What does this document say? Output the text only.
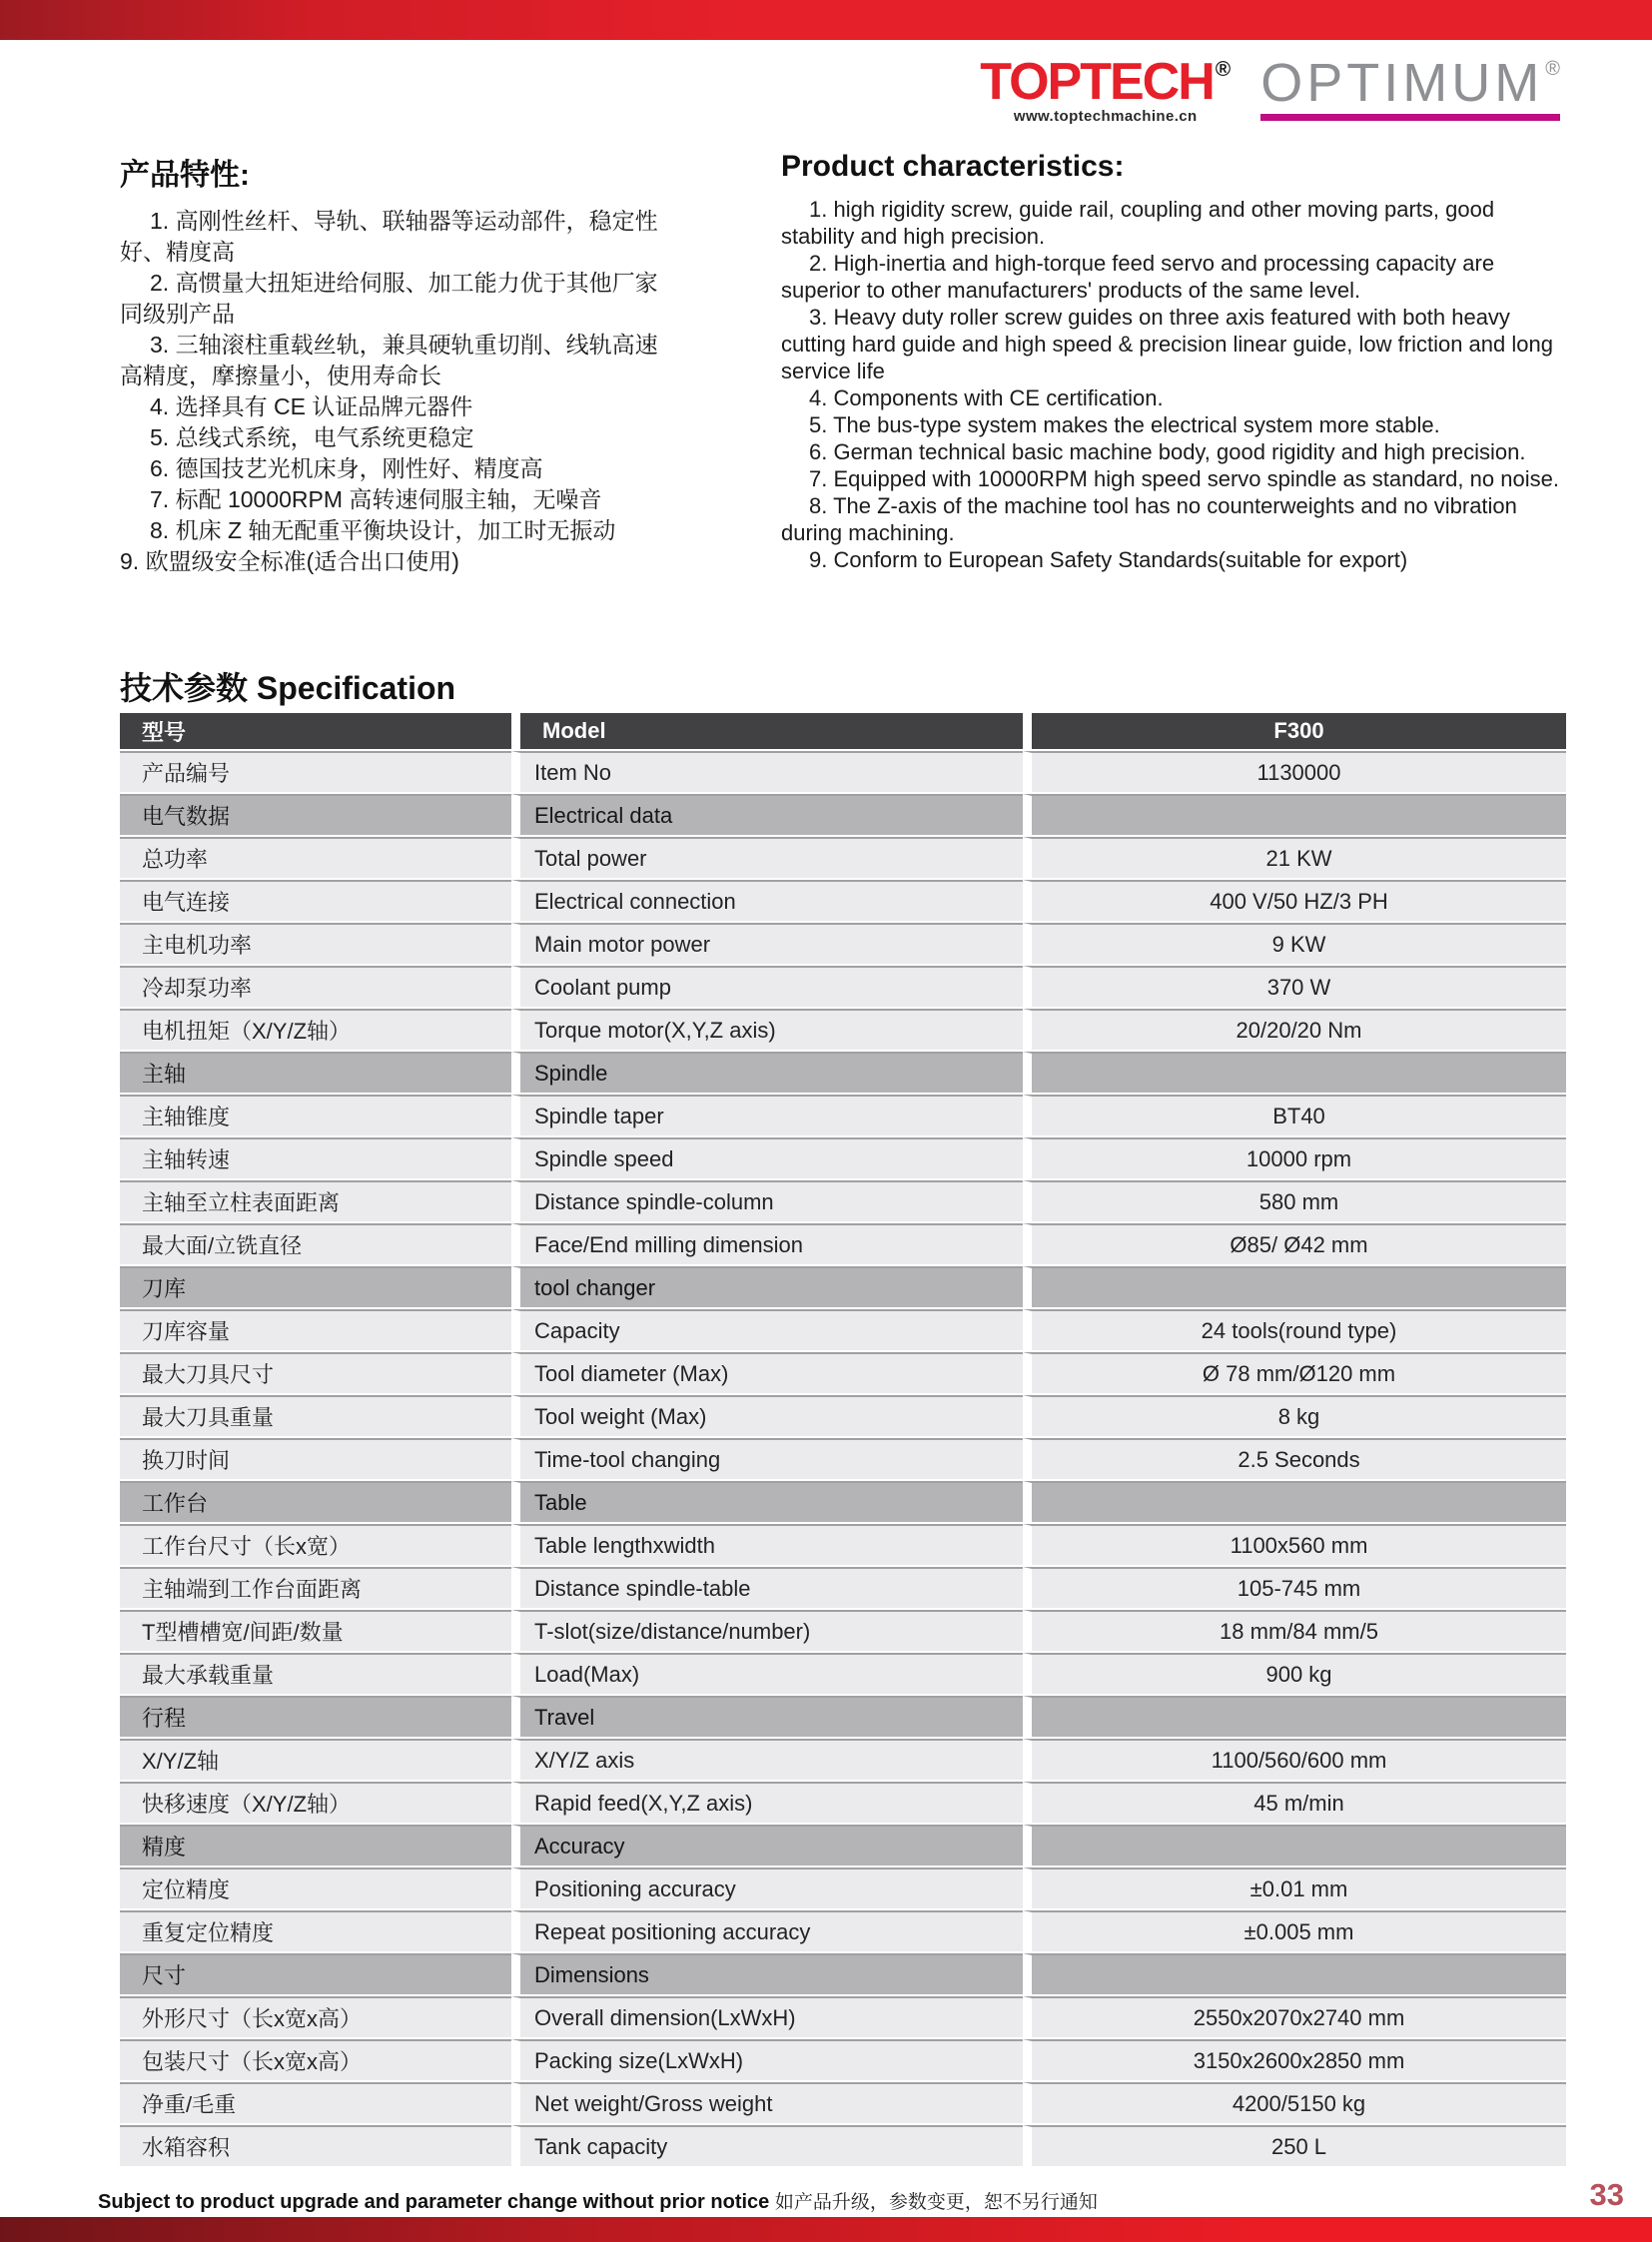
TOPTECH ®
www.toptechmachine.cn
OPTIMUM ®
产品特性:
1. 高刚性丝杆、导轨、联轴器等运动部件，稳定性好、精度高
2. 高惯量大扭矩进给伺服、加工能力优于其他厂家同级别产品
3. 三轴滚柱重载丝轨，兼具硬轨重切削、线轨高速高精度，摩擦量小，使用寿命长
4. 选择具有 CE 认证品牌元器件
5. 总线式系统，电气系统更稳定
6. 德国技艺光机床身，刚性好、精度高
7. 标配 10000RPM 高转速伺服主轴，无噪音
8. 机床 Z 轴无配重平衡块设计，加工时无振动
9. 欧盟级安全标准(适合出口使用)
Product characteristics:
1. high rigidity screw, guide rail, coupling and other moving parts, good stability and high precision.
2. High-inertia and high-torque feed servo and processing capacity are superior to other manufacturers' products of the same level.
3. Heavy duty roller screw guides on three axis featured with both heavy cutting hard guide and high speed & precision linear guide, low friction and long service life
4. Components with CE certification.
5. The bus-type system makes the electrical system more stable.
6. German technical basic machine body, good rigidity and high precision.
7. Equipped with 10000RPM high speed servo spindle as standard, no noise.
8. The Z-axis of the machine tool has no counterweights and no vibration during machining.
9. Conform to European Safety Standards(suitable for export)
技术参数 Specification
型号	Model	F300
产品编号	Item No	1130000
电气数据	Electrical data	
总功率	Total power	21 KW
电气连接	Electrical connection	400 V/50 HZ/3 PH
主电机功率	Main motor power	9 KW
冷却泵功率	Coolant pump	370 W
电机扭矩（X/Y/Z轴）	Torque motor(X,Y,Z axis)	20/20/20 Nm
主轴	Spindle	
主轴锥度	Spindle taper	BT40
主轴转速	Spindle speed	10000 rpm
主轴至立柱表面距离	Distance spindle-column	580 mm
最大面/立铣直径	Face/End milling dimension	Ø85/ Ø42 mm
刀库	tool changer	
刀库容量	Capacity	24 tools(round type)
最大刀具尺寸	Tool diameter (Max)	Ø 78 mm/Ø120 mm
最大刀具重量	Tool weight (Max)	8 kg
换刀时间	Time-tool changing	2.5 Seconds
工作台	Table	
工作台尺寸（长x宽）	Table lengthxwidth	1100x560 mm
主轴端到工作台面距离	Distance spindle-table	105-745 mm
T型槽槽宽/间距/数量	T-slot(size/distance/number)	18 mm/84 mm/5
最大承载重量	Load(Max)	900 kg
行程	Travel	
X/Y/Z轴	X/Y/Z axis	1100/560/600 mm
快移速度（X/Y/Z轴）	Rapid feed(X,Y,Z axis)	45 m/min
精度	Accuracy	
定位精度	Positioning accuracy	±0.01 mm
重复定位精度	Repeat positioning accuracy	±0.005 mm
尺寸	Dimensions	
外形尺寸（长x宽x高）	Overall dimension(LxWxH)	2550x2070x2740 mm
包装尺寸（长x宽x高）	Packing size(LxWxH)	3150x2600x2850 mm
净重/毛重	Net weight/Gross weight	4200/5150 kg
水箱容积	Tank capacity	250 L
Subject to product upgrade and parameter change without prior notice 如产品升级，参数变更，恕不另行通知	33
